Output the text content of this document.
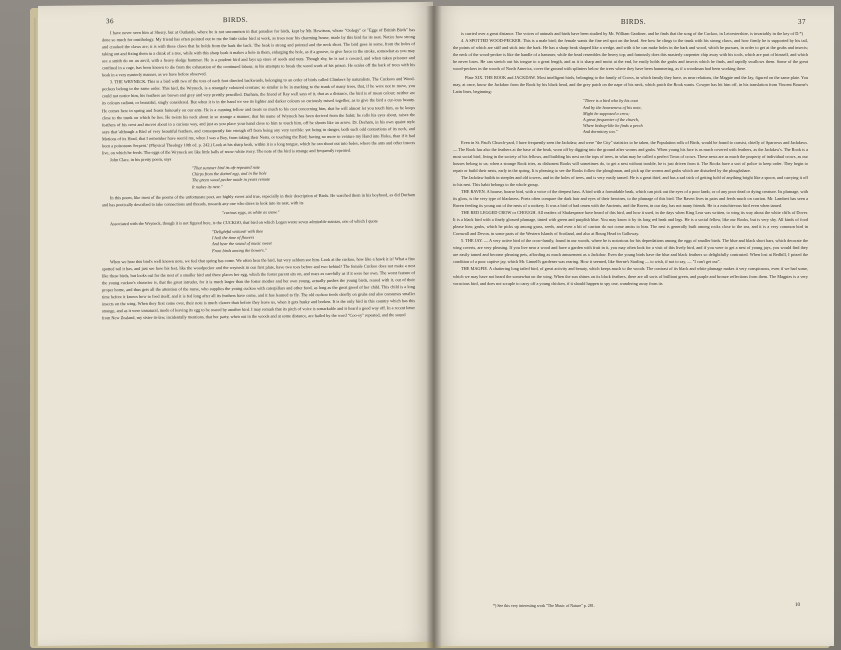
36	BIRDS.

I have never seen him at Sherry, but at Outlands, where he is not uncommon in that paradise for birds, kept by Mr. Hewitson, whose "Oology" or "Eggs of British Birds" has done so much for ornithology. My friend has often pointed out to me the little tailor bird at work, as trees near his charming house, made by this bird for its nest. Notice how strong and crooked the claws are; it is with these claws that he holds from the bark the back. The beak is strong and pointed and the neck short. The bird goes in some, from the holes of taking out and fixing them in a chink of a tree, while with this sharp beak it makes a hole in them, enlarging the hole, as if a groove, to give force to the stroke, somewhat as you may see a smith do on an anvil, with a heavy sledge hammer. He is a prudent bird and lays up store of seeds and nuts. Though shy, he is not a coward, and when taken prisoner and confined in a cage, has been known to die from the exhaustion of the continued labour, in his attempts to break the wood work of his prison. He scales off the bark of trees with his beak in a very masterly manner, as we have before observed.

3. THE WRYNECK. This is a bird with two of the toes of each foot directed backwards, belonging to an order of birds called Climbers by naturalists. The Cuckoos and Wood-peckers belong to the same order. This bird, the Wryneck, is a strangely coloured creature; so similar is he in marking to the trunk of many trees, that, if he were not to move, you could not notice him, his feathers are brown and grey and very prettily pencilled. Durham, the friend of Ray well says of it, that as a distance, the bird is of mean colour; neither are its colours radiant, or beautiful, singly considered. But when it is in the hand we see its lighter and darker colours so curiously mixed together, as to give the bird a cur-ious beauty. He comes here in spring and feasts famously on our ants. He is a cunning fellow and treats so much to his cost concerning him, that he will almost let you touch him, as he keeps close to the trunk on which he lies. He twists his neck about in so strange a manner, that his name of Wryneck has been derived from the habit; he rolls his eyes about, raises the feathers of his crest and moves about in a curious way, and just as you place your hand close to him to touch him, off he shoots like an arrow. Dr. Derham, in his own quaint style says that 'although a Bird of very beautiful feathers, and consequently fair enough off from being any very terrible: yet being in danger, both such odd contortions of its neck, and Motions of its Head, that I remember have seen'd me, when I was a Boy, from taking their Nests, or touching the Bird; having no more to venture my Hand into Holes, than if it had been a poisonous Serpent.' (Physical Theology 10th ed. p. 242.) Look at his sharp beak, within it is a long tongue, which he can shoot out into holes, where the ants and other insects live, on which he feeds. The eggs of the Wryneck are like little balls of snow-white ivory. The note of the bird is strange and frequently repeated.

John Clare, in his pretty poem, says

"That summer bird its oft-repeated note
Chirps from the dottrel egg, and in the hole
The green wood pecker made in years remote
It makes its nest."

In this poem, like most of the poems of the unfortunate poet, are highly sweet and true, especially in their description of Birds. He watched them in his boyhood, as did Durham and has poetically described to take connections and threads, towards any one who dares to look into its nest, with its

"curious eggs, as white as snow."

Associated with the Wryneck, though it is not figured here, is the CUCKOO, that bird on which Logan wrote seven admirable stanzas, one of which I quote

"Delightful visitant! with thee
I hail the time of flowers
And hear the sound of music sweet
From birds among the bowers."

When we hear this bird's well known note, we feel that spring has come. We often hear the bird, but very seldom see him. Look at the cuckoo, how like a hawk it is! What a fine spotted tail it has, and just see how his feet, like the woodpecker and the wryneck in our first plate, have two toes before and two behind! The female Cuckoo does not make a nest like these birds, but looks out for the nest of a smaller bird and there places her egg, which the foster parent sits on, and rears as carefully as if it were her own. The worst feature of the young cuckoo's character is, that the great intruder, for it is much larger than the foster mother and her own young, actually pushes the young birds, reared with it, out of their proper home, and thus gets all the attention of the nurse, who supplies the young cuckoo with caterpillars and other food, as long as the great greed of her child. This child is a long time before it knows how to feed itself, and it is fed long after all its feathers have come, and it has learned to fly. The old cuckoo feeds chiefly on grubs and also consumes smaller insects on the wing. When they first come over, their note is much clearer than before they leave us, when it gets husky and broken. It is the only bird in this country which has this strange, and as it were unnatural, mode of leaving its egg to be reared by another bird. I may remark that its pitch of voice is remarkable and is heard a good way off. In a recent letter from New Zealand, my sister-in-law, incidentally mentions, that her party, when out in the woods and at some distance, are hailed by the word "Coo-ey" repeated, and the sound

BIRDS.	37

is carried over a great distance. The voices of animals and birds have been studied by Mr. William Gardiner, and he finds that the song of the Cuckoo, in Leicestershire, is invariably in the key of D.*)

4. A SPOTTED WOOD-PECKER. This is a male bird; the female wants the fine red spot on the head. See how he clings to the trunk with his strong claws, and how firmly he is supported by his tail, the points of which are stiff and stick into the bark. He has a sharp beak shaped like a wedge, and with it he can make holes in the bark and wood, which he pursues, in order to get at the grubs and insects; the neck of the wood-pecker is like the handle of a hammer, while the head resembles the heavy top; and famously does this masterly carpenter chip away with his tools, which are part of himself, and which he never loses. He can stretch out his tongue to a great length, and as it is sharp and moist at the end, he easily holds the grubs and insects which he finds, and rapidly swallows them. Some of the great wood-peckers in the woods of North America, cover the ground with splinters below the trees where they have been hammering, as if a woodman had been working there.

Plate XIX. THE ROOK and JACKDAW. Most intelligent birds, belonging to the family of Crows, in which family they have, as near relations, the Magpie and the Jay, figured on the same plate. You may, at once, know the Jackdaw from the Rook by his black head, and the grey patch on the nape of his neck, which patch the Rook wants. Cowper has hit him off, in his translation from Vincent Bourne's Latin lines, beginning:

"There is a bird who by his coat
And by the hoarseness of his note,
Might be supposed a crow;
A great frequenter of the church,
Where bishop-like he finds a perch
And dormitory too."

Even in St. Paul's Church-yard, I have frequently seen the Jackdaw, and were "the City" statistics to be taken, the Population rolls of Birds, would be found to consist, chiefly of Sparrows and Jackdaws. — The Rook has also the feathers at the base of the beak, worn off by digging into the ground after worms and grubs. When young his face is as much covered with feathers, as the Jackdaw's. The Rook is a most social bird, living in the society of his fellows, and building his nest on the tops of trees, in what may be called a perfect Town of crows. These nests are as much the property of individual crows, as our houses belong to us; when a strange Rook tries, as dishonest Rooks will sometimes do, to get a nest without trouble, he is just driven from it. The Rooks have a sort of police to keep order. They begin to repair or build their nests, early in the spring. It is pleasing to see the Rooks follow the ploughman, and pick up the worms and grubs which are disturbed by the ploughshare.

The Jackdaw builds in steeples and old towers, and in the holes of trees, and is very easily tamed. He is a great thief, and has a sad trick of getting hold of anything bright like a spoon, and carrying it off to his nest. This habit belongs to the whole group.

THE RAVEN. A hoarse, hoarse bird, with a voice of the deepest bass. A bird with a formidable beak, which can pick out the eyes of a poor lamb, or of any poor dead or dying creature. Its plumage, with its gloss, is the very type of blackness. Poets often compare the dark hair and eyes of their heroines, to the plumage of this bird. The Raven lives in pairs and feeds much on carrion. Mr. Lambert has seen a Raven feeding its young out of the nests of a rookery. It was a bird of bad omen with the Ancients, and the Raven, in our day, has not many friends. He is a mischievous bird even when tamed.

THE RED LEGGED CROW or CHOUGH. All readers of Shakespeare have heard of this bird, and how it used, in the days when King Lear was written, to wing its way about the white cliffs of Dover. It is a black bird with a finely glossed plumage, tinted with green and purplish blue. You may know it by its long red beak and legs. He is a social fellow, like our Rooks, but is very shy. All kinds of food please him; grubs, which he picks up among grass, seeds, and even a bit of carrion do not come amiss to him. The nest is generally built among rocks close to the sea, and it is a very common bird in Cornwall and Devon, in some parts of the Western Islands of Scotland, and also at Bourg Head in Galloway.

5. THE JAY. — A very active bird of the crow-family, found in our woods, where he is notorious for his depredations among the eggs of smaller birds. The blue and black short bars, which decorate the wing coverts, are very pleasing. If you live near a wood and have a garden with fruit in it, you may often look for a visit of this lively bird, and if you were to get a nest of young jays, you would find they are easily tamed and become pleasing pets, affording as much amusement as a Jackdaw. Even the young birds have the blue and black feathers so delightfully contrasted. When lost at Redhill, I prized the condition of a poor captive jay, which Mr. Linnell's gardener was rearing. How it seemed, like Sterne's Starling — to wish, if not to say, — "I can't get out".

THE MAGPIE. A chattering long tailed bird, of great activity and beauty, which keeps much to the woods. The contrast of its black and white plumage makes it very conspicuous, even if we had some, which we may have not heard the somewhat on the wing. When the sun shines on its black feathers, there are all sorts of brilliant green, and purple and bronze reflections from them. The Magpies is a very voracious bird, and does not scruple to carry off a young chicken, if it should happen to spy one, wandering away from its

*) See this very interesting work "The Music of Nature" p. 281.	10
